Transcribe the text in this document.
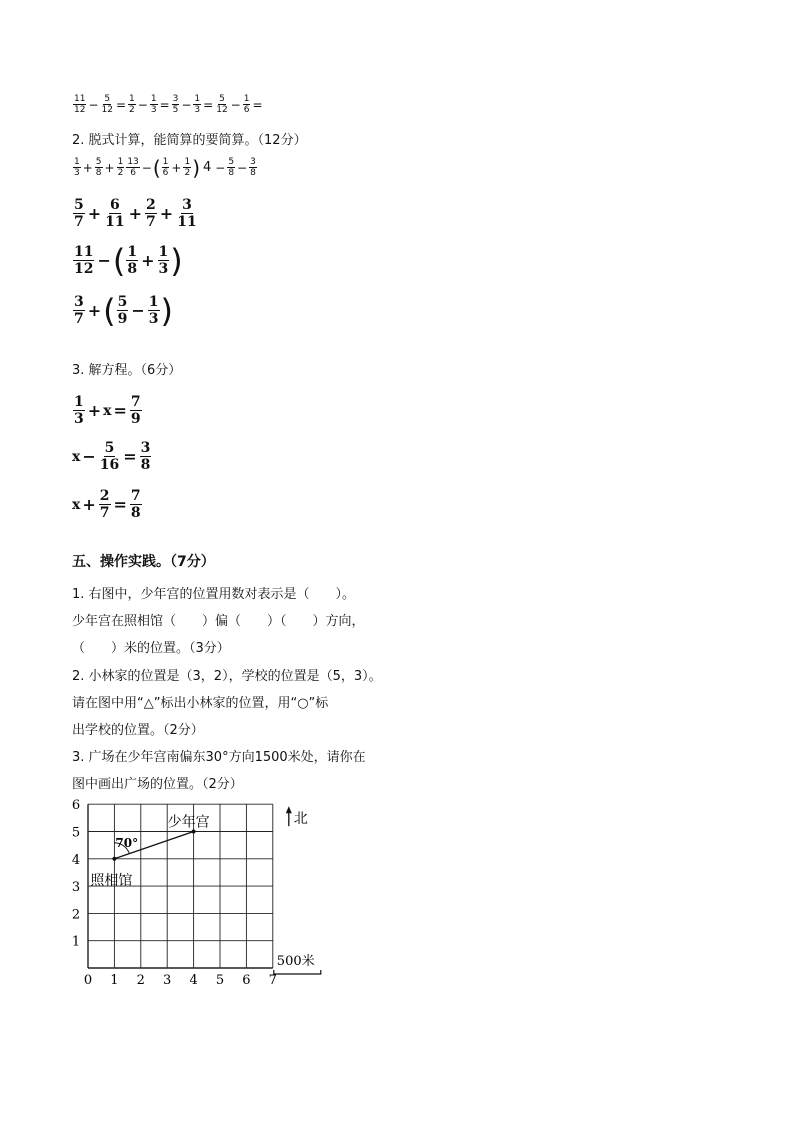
$\frac{11}{12} - \frac{5}{12} = \frac{1}{2} - \frac{1}{3} = \frac{3}{5} - \frac{1}{3} = \frac{5}{12} - \frac{1}{6}$ =
2. 脱式计算，能简算的要简算。（12分）
$\frac{1}{3} + \frac{5}{8} + \frac{1}{2} \frac{13}{6}$ − ( $\frac{1}{6} + \frac{1}{2}$ ) $4 - \frac{5}{8} - \frac{3}{8}$
$\frac{5}{7} + \frac{6}{11} + \frac{2}{7} + \frac{3}{11}$
$\frac{11}{12}$ − ( $\frac{1}{8} + \frac{1}{3}$ )
$\frac{3}{7}$ + ( $\frac{5}{9} - \frac{1}{3}$ )
3. 解方程。（6分）
$\frac{1}{3} + x = \frac{7}{9}$
$x - \frac{5}{16} = \frac{3}{8}$
$x + \frac{2}{7} = \frac{7}{8}$
五、操作实践。（7分）
1. 右图中，少年宫的位置用数对表示是（　　）。
少年宫在照相馆（　　）偏（　　）（　　）方向，
（　　）米的位置。（3分）
2. 小林家的位置是（3，2），学校的位置是（5，3）。
请在图中用“△”标出小林家的位置，用“○”标
出学校的位置。（2分）
3. 广场在少年宫南偏东30°方向1500米处，请你在
图中画出广场的位置。（2分）
0 1 2 3 4 5 6 7
1
2
3
4
5
6
少年宫
照相馆
70°
北
500米
